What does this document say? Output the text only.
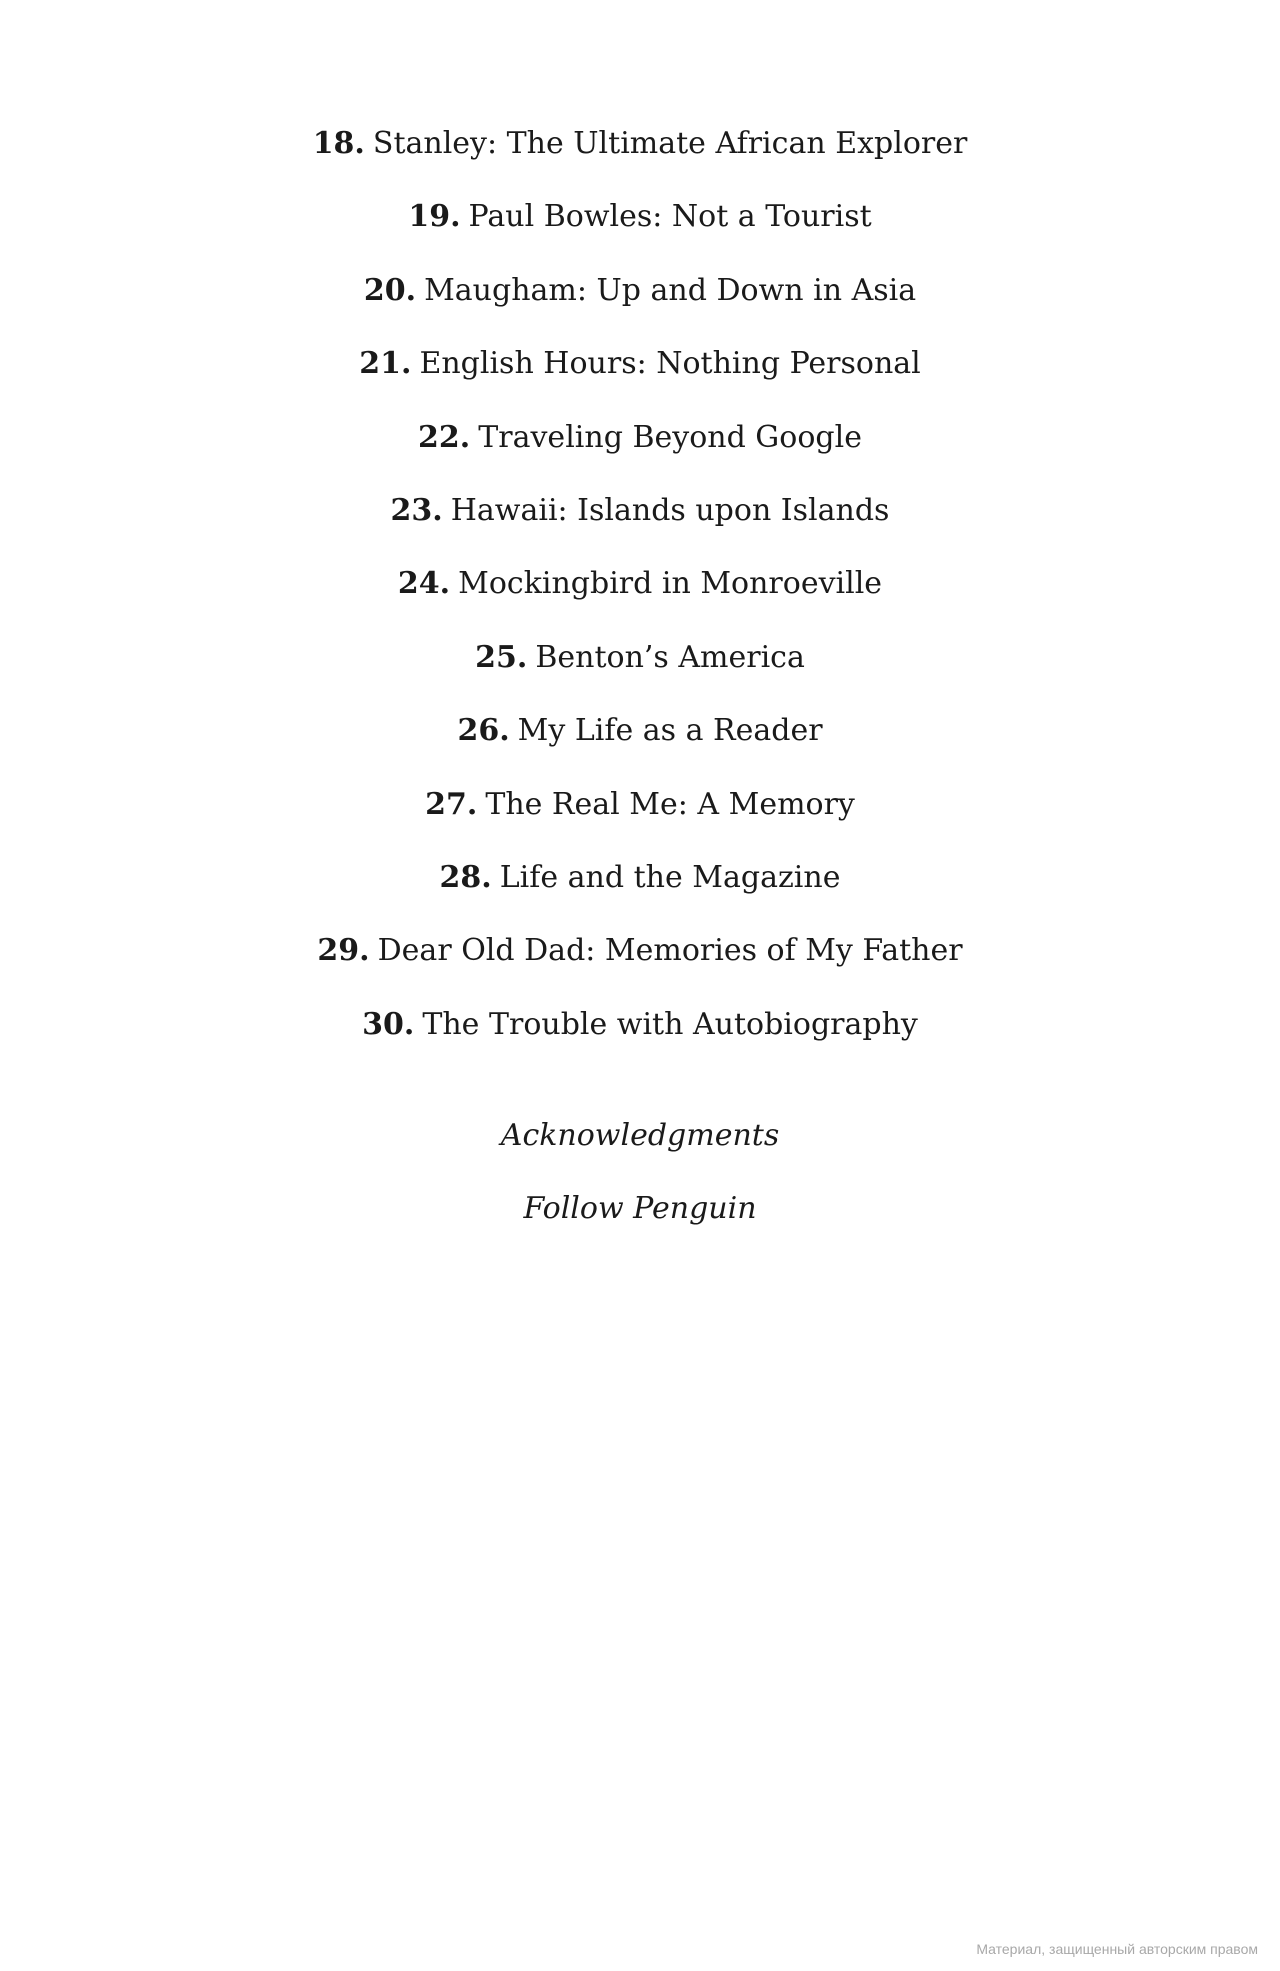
18. Stanley: The Ultimate African Explorer
19. Paul Bowles: Not a Tourist
20. Maugham: Up and Down in Asia
21. English Hours: Nothing Personal
22. Traveling Beyond Google
23. Hawaii: Islands upon Islands
24. Mockingbird in Monroeville
25. Benton’s America
26. My Life as a Reader
27. The Real Me: A Memory
28. Life and the Magazine
29. Dear Old Dad: Memories of My Father
30. The Trouble with Autobiography
Acknowledgments
Follow Penguin
Материал, защищенный авторским правом
